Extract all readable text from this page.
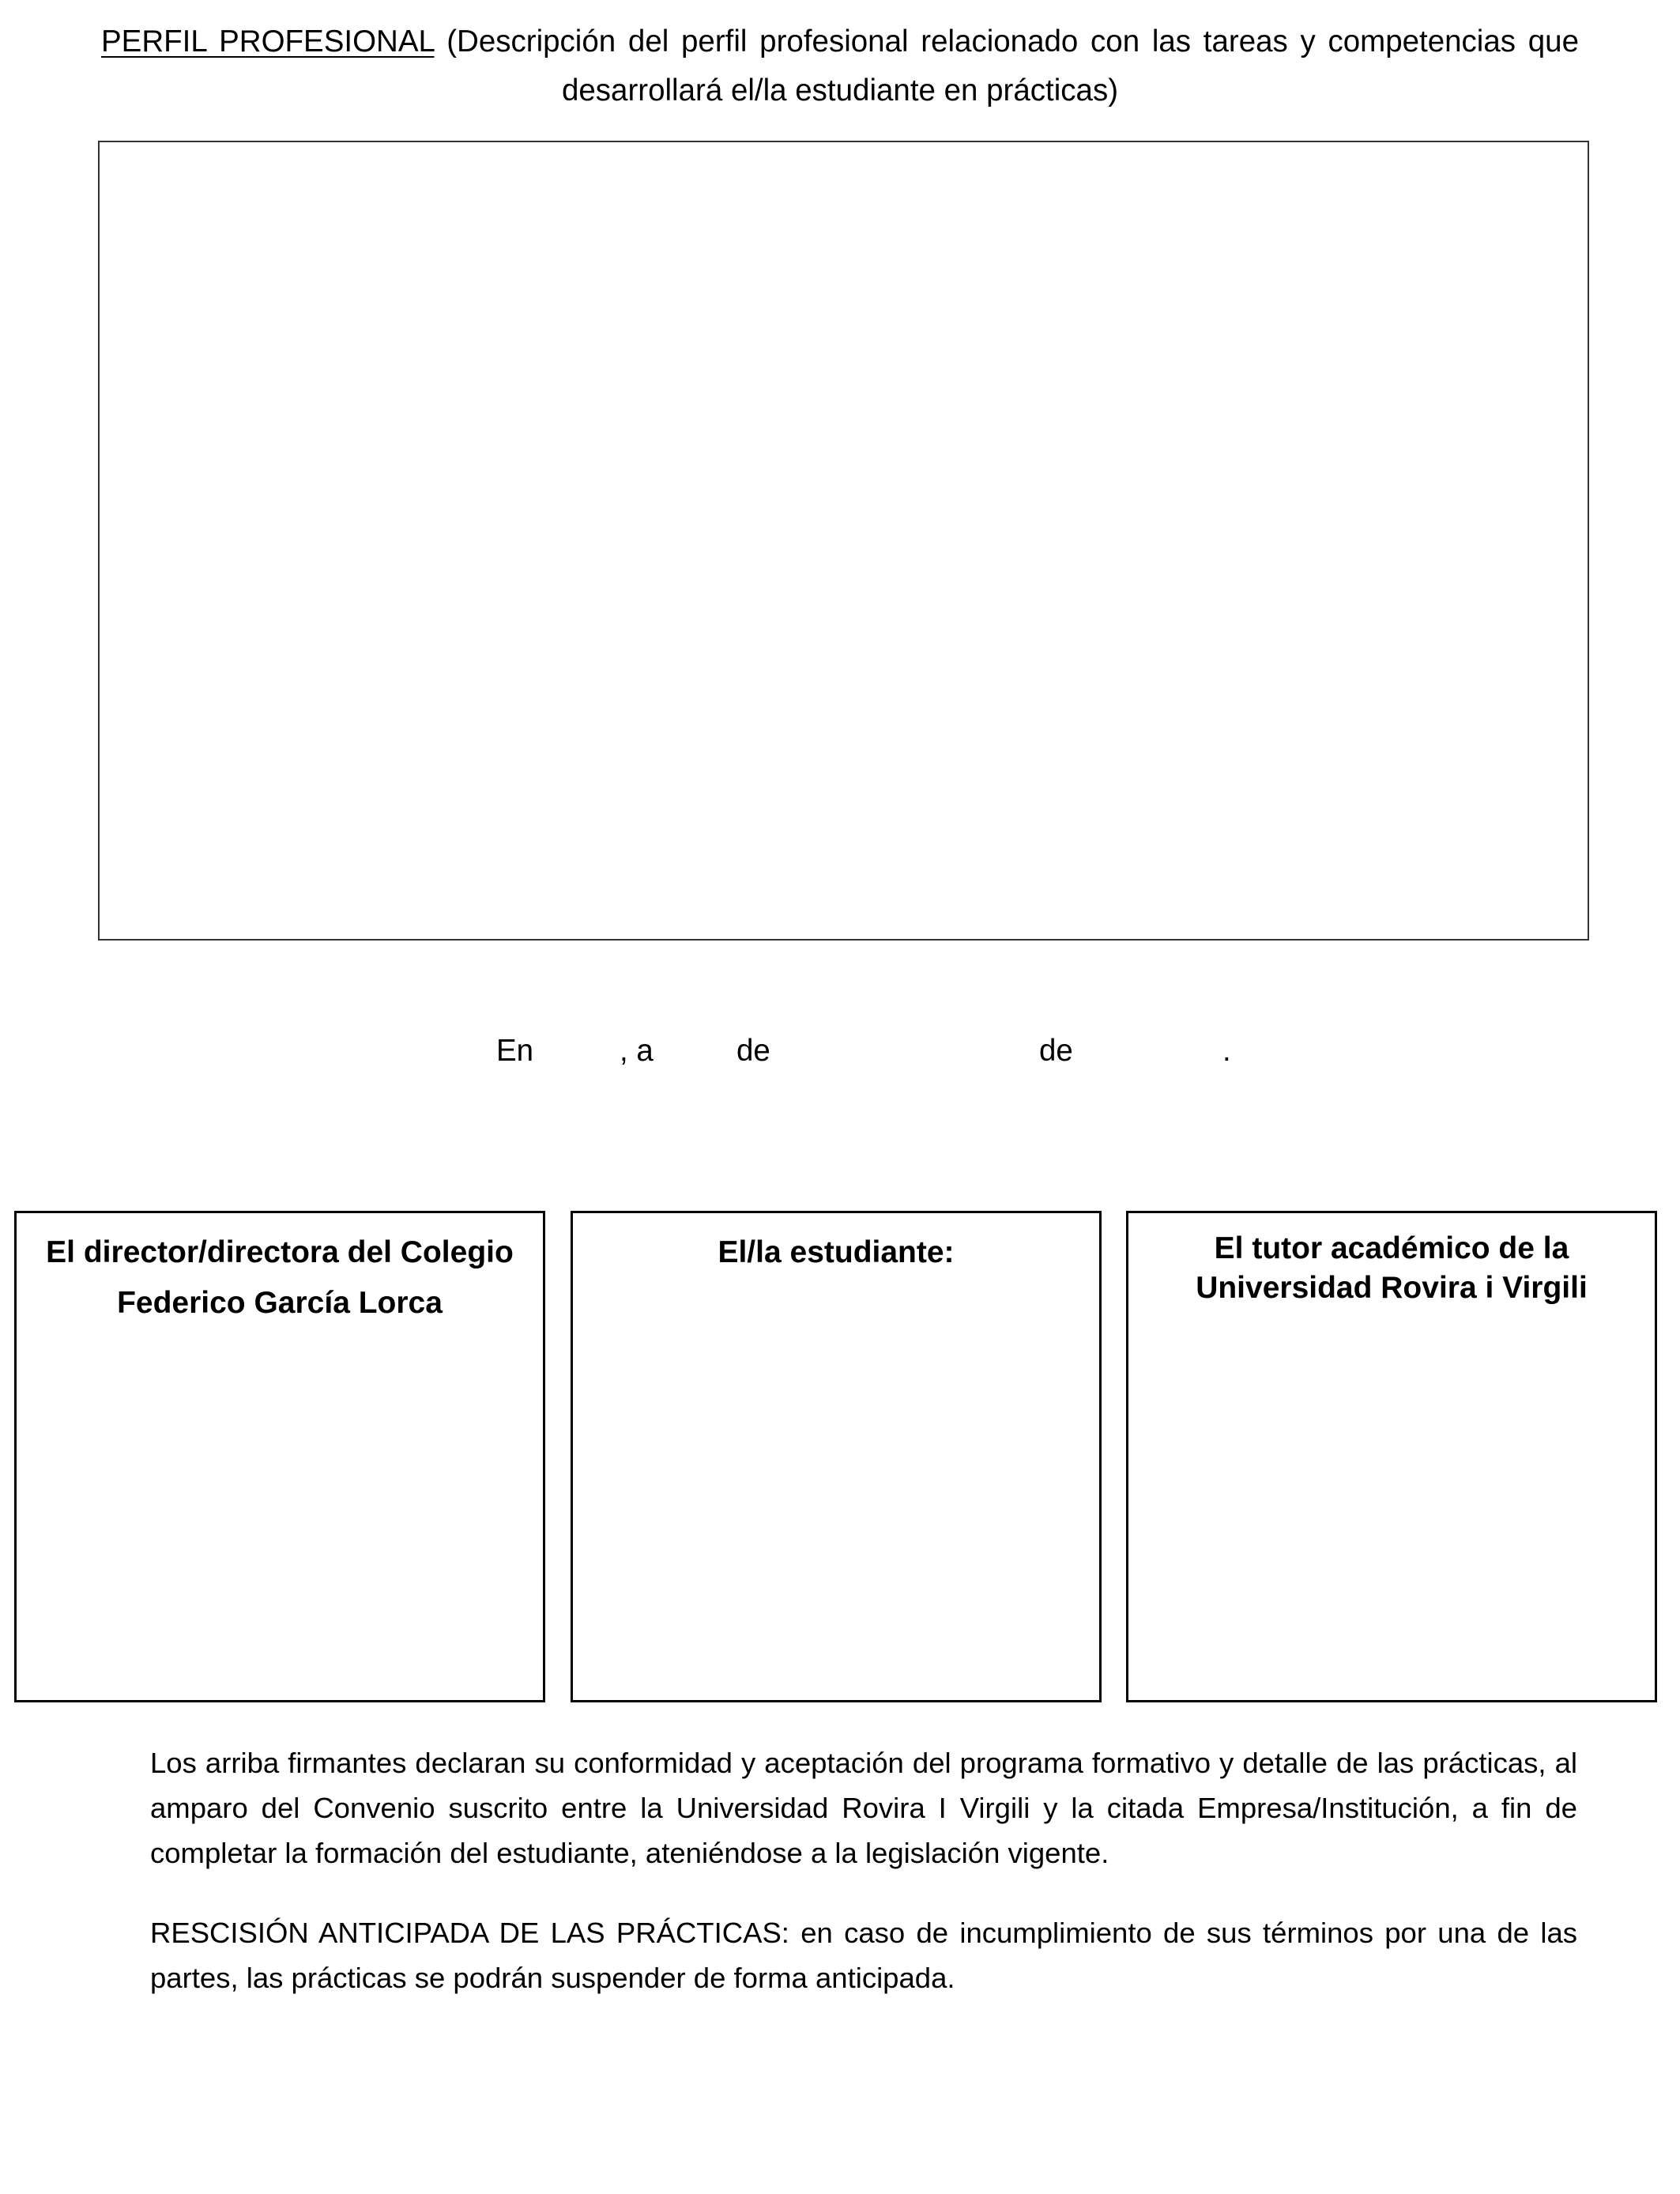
PERFIL PROFESIONAL (Descripción del perfil profesional relacionado con las tareas y competencias que desarrollará el/la estudiante en prácticas)
En	, a	de	de	.

El director/directora del Colegio
Federico García Lorca

El/la estudiante:	El tutor académico de la
Universidad Rovira i Virgili

Los arriba firmantes declaran su conformidad y aceptación del programa formativo y detalle de las prácticas, al amparo del Convenio suscrito entre la Universidad Rovira I Virgili y la citada Empresa/Institución, a fin de completar la formación del estudiante, ateniéndose a la legislación vigente.

RESCISIÓN ANTICIPADA DE LAS PRÁCTICAS: en caso de incumplimiento de sus términos por una de las partes, las prácticas se podrán suspender de forma anticipada.
